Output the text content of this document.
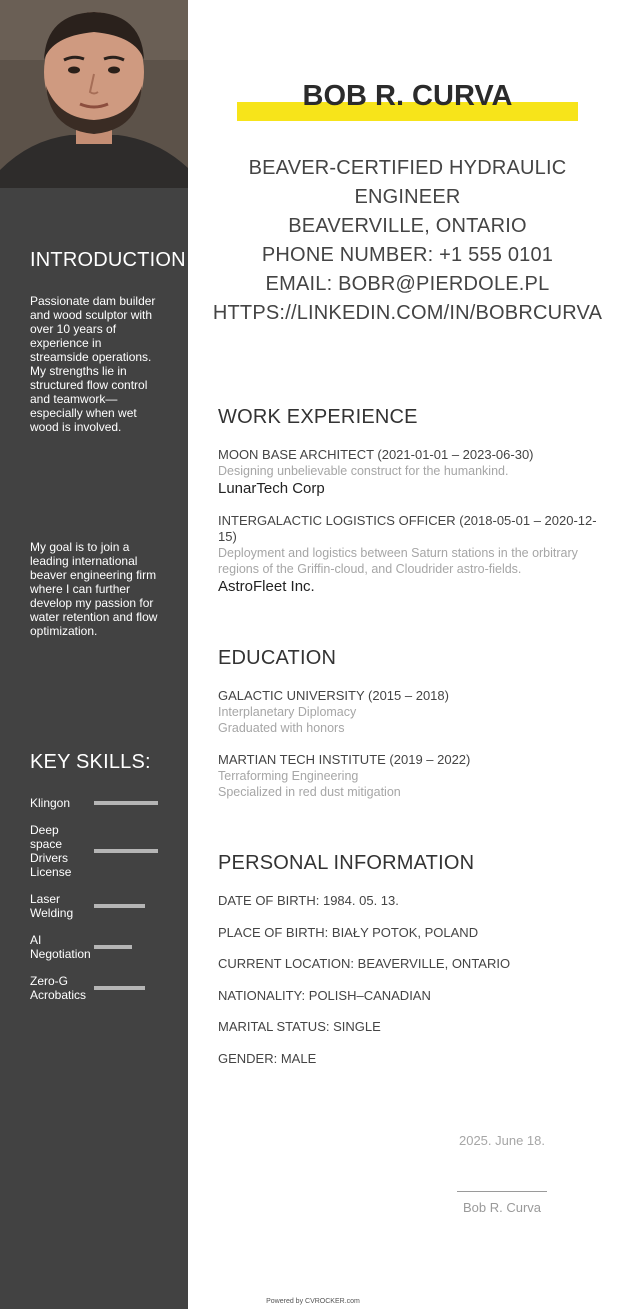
INTRODUCTION
Passionate dam builder and wood sculptor with over 10 years of experience in streamside operations. My strengths lie in structured flow control and teamwork—especially when wet wood is involved.
My goal is to join a leading international beaver engineering firm where I can further develop my passion for water retention and flow optimization.
KEY SKILLS:
Klingon
Deep space Drivers License
Laser Welding
AI Negotiation
Zero-G Acrobatics
BOB R. CURVA
BEAVER-CERTIFIED HYDRAULIC
ENGINEER
BEAVERVILLE, ONTARIO
PHONE NUMBER: +1 555 0101
EMAIL: BOBR@PIERDOLE.PL
HTTPS://LINKEDIN.COM/IN/BOBRCURVA
WORK EXPERIENCE
MOON BASE ARCHITECT (2021-01-01 – 2023-06-30)
Designing unbelievable construct for the humankind.
LunarTech Corp
INTERGALACTIC LOGISTICS OFFICER (2018-05-01 – 2020-12-15)
Deployment and logistics between Saturn stations in the orbitrary regions of the Griffin-cloud, and Cloudrider astro-fields.
AstroFleet Inc.
EDUCATION
GALACTIC UNIVERSITY (2015 – 2018)
Interplanetary Diplomacy
Graduated with honors
MARTIAN TECH INSTITUTE (2019 – 2022)
Terraforming Engineering
Specialized in red dust mitigation
PERSONAL INFORMATION
DATE OF BIRTH: 1984. 05. 13.
PLACE OF BIRTH: BIAŁY POTOK, POLAND
CURRENT LOCATION: BEAVERVILLE, ONTARIO
NATIONALITY: POLISH–CANADIAN
MARITAL STATUS: SINGLE
GENDER: MALE
2025. June 18.
Bob R. Curva
Powered by CVROCKER.com
